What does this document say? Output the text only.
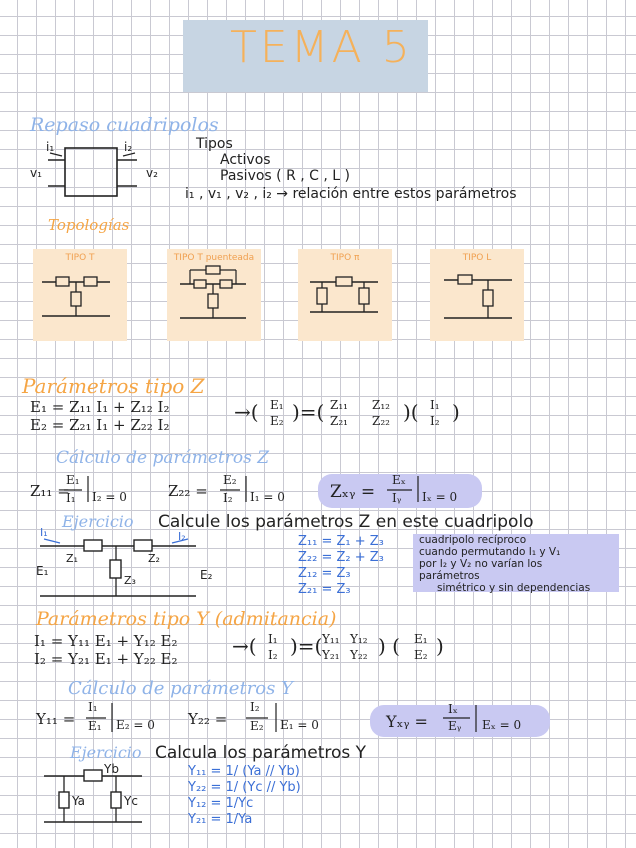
TEMA 5
Repaso cuadripolos
i₁	i₂
v₁	v₂
Tipos
Activos
Pasivos ( R , C , L )
i₁ , v₁ , v₂ , i₂ → relación entre estos parámetros
Topologías
TIPO T	TIPO T puenteada	TIPO π	TIPO L
Parámetros tipo Z
E₁ = Z₁₁ I₁ + Z₁₂ I₂
E₂ = Z₂₁ I₁ + Z₂₂ I₂
→( E₁
E₂ )=( Z₁₁ Z₁₂
Z₂₁ Z₂₂ )( I₁
I₂ )
Cálculo de parámetros Z
Z₁₁ =
E₁
I₁ I₂ = 0	Z₂₂ =
E₂
I₂ I₁ = 0	Zₓᵧ =
Eₓ
Iᵧ Iₓ = 0
Ejercicio Calcule los parámetros Z en este cuadripolo
I₁	I₂
E₁	E₂
Z₁	Z₂
Z₃
Z₁₁ = Z₁ + Z₃
Z₂₂ = Z₂ + Z₃
Z₁₂ = Z₃
Z₂₁ = Z₃
cuadripolo recíproco
cuando permutando I₁ y V₁
por I₂ y V₂ no varían los
parámetros
simétrico y sin dependencias
Parámetros tipo Y (admitancia)
I₁ = Y₁₁ E₁ + Y₁₂ E₂
I₂ = Y₂₁ E₁ + Y₂₂ E₂
→( I₁
I₂ )=( Y₁₁ Y₁₂
Y₂₁ Y₂₂ ) ( E₁
E₂ )
Cálculo de parámetros Y
Y₁₁ =
I₁
E₁ E₂ = 0 Y₂₂ =
I₂
E₂ E₁ = 0	Yₓᵧ =
Iₓ
Eᵧ Eₓ = 0
Ejercicio Calcula los parámetros Y
Yb
Ya	Yc
Y₁₁ = 1/ (Ya // Yb)
Y₂₂ = 1/ (Yc // Yb)
Y₁₂ = 1/Yc
Y₂₁ = 1/Ya
